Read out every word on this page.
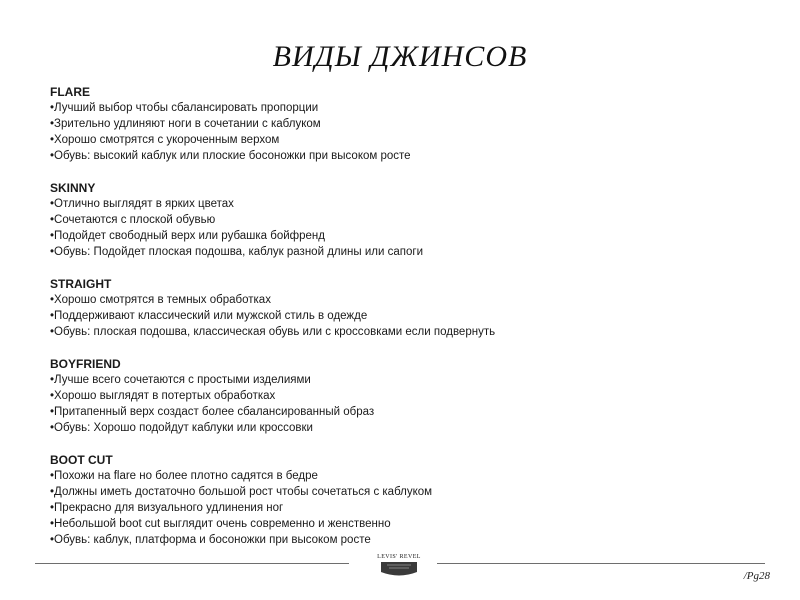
ВИДЫ ДЖИНСОВ
FLARE
• Лучший выбор чтобы сбалансировать пропорции
• Зрительно удлиняют ноги в сочетании с каблуком
• Хорошо смотрятся с укороченным верхом
• Обувь: высокий каблук или плоские босоножки при высоком росте
SKINNY
• Отлично выглядят в ярких цветах
• Сочетаются с плоской обувью
• Подойдет свободный верх или рубашка бойфренд
• Обувь: Подойдет плоская подошва, каблук разной длины или сапоги
STRAIGHT
• Хорошо смотрятся в темных обработках
• Поддерживают классический или мужской стиль в одежде
• Обувь: плоская подошва, классическая обувь или с кроссовками если подвернуть
BOYFRIEND
• Лучше всего сочетаются с простыми изделиями
• Хорошо выглядят в потертых обработках
• Притапенный верх создаст более сбалансированный образ
• Обувь: Хорошо подойдут каблуки или кроссовки
BOOT CUT
• Похожи на flare но более плотно садятся в бедре
• Должны иметь достаточно большой рост чтобы сочетаться с каблуком
• Прекрасно для визуального удлинения ног
• Небольшой boot cut выглядит очень современно и женственно
• Обувь: каблук, платформа и босоножки при высоком росте
LEVIS' REVEL
/Pg28
